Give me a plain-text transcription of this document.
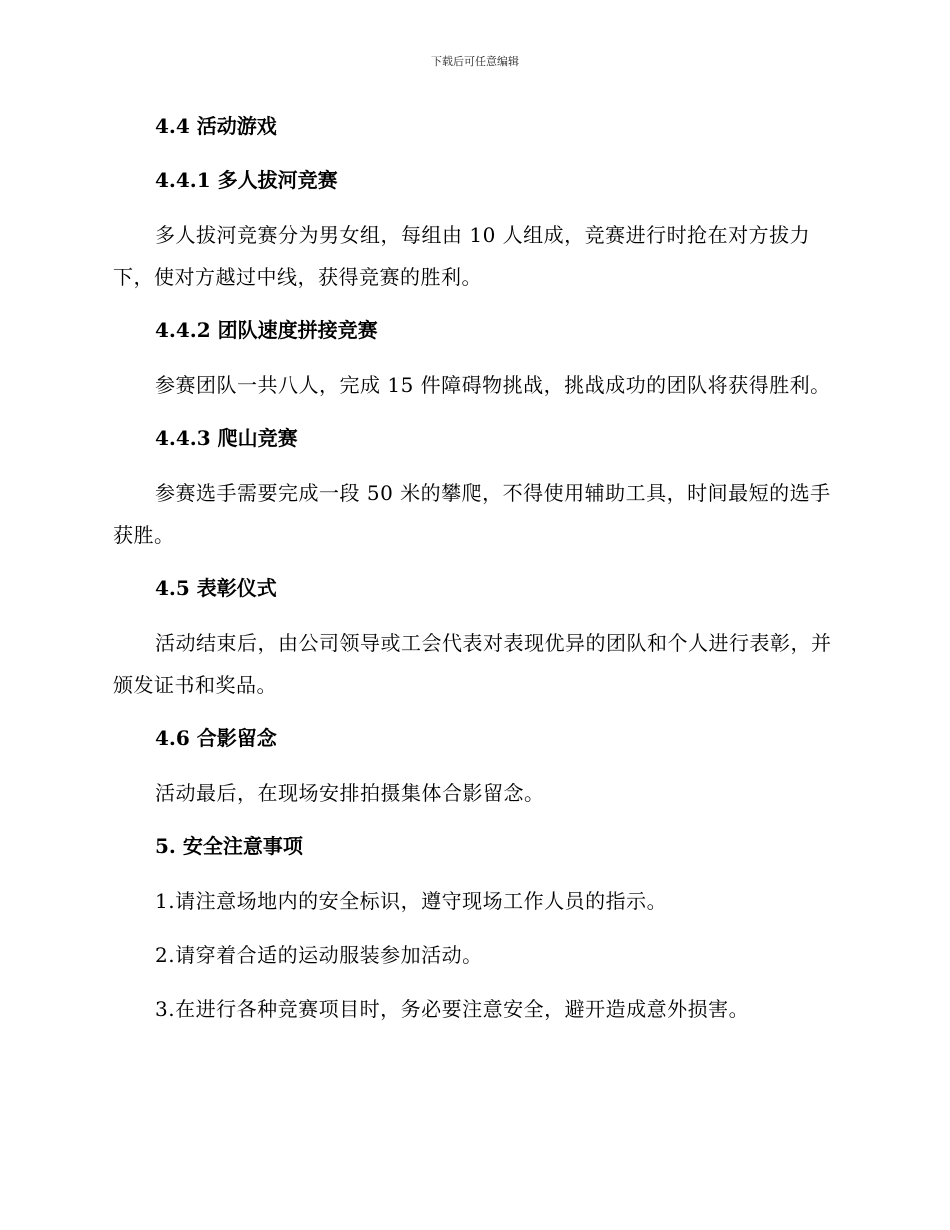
下载后可任意编辑
4.4 活动游戏
4.4.1 多人拔河竞赛
多人拔河竞赛分为男女组，每组由 10 人组成，竞赛进行时抢在对方拔力下，使对方越过中线，获得竞赛的胜利。
4.4.2 团队速度拼接竞赛
参赛团队一共八人，完成 15 件障碍物挑战，挑战成功的团队将获得胜利。
4.4.3 爬山竞赛
参赛选手需要完成一段 50 米的攀爬，不得使用辅助工具，时间最短的选手获胜。
4.5 表彰仪式
活动结束后，由公司领导或工会代表对表现优异的团队和个人进行表彰，并颁发证书和奖品。
4.6 合影留念
活动最后，在现场安排拍摄集体合影留念。
5. 安全注意事项
1.请注意场地内的安全标识，遵守现场工作人员的指示。
2.请穿着合适的运动服装参加活动。
3.在进行各种竞赛项目时，务必要注意安全，避开造成意外损害。
